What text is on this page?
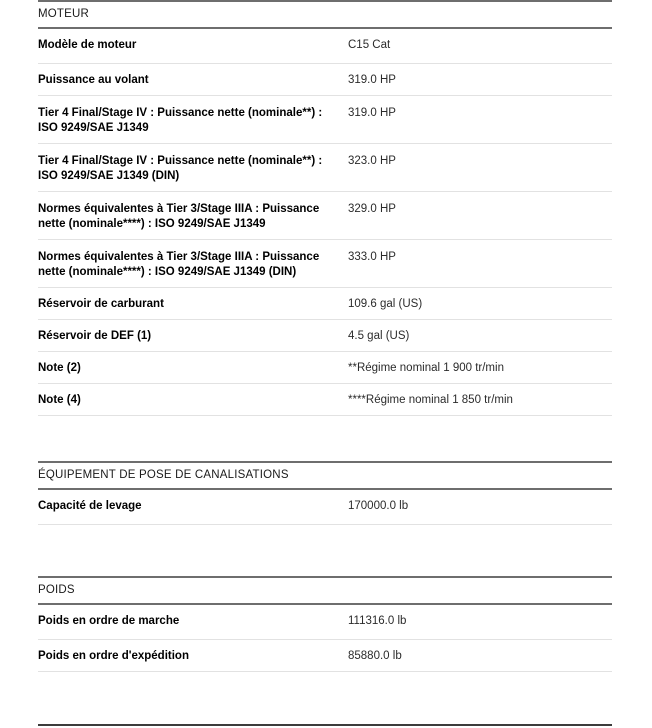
MOTEUR
Modèle de moteur	C15 Cat
Puissance au volant	319.0 HP
Tier 4 Final/Stage IV : Puissance nette (nominale**) : ISO 9249/SAE J1349	319.0 HP
Tier 4 Final/Stage IV : Puissance nette (nominale**) : ISO 9249/SAE J1349 (DIN)	323.0 HP
Normes équivalentes à Tier 3/Stage IIIA : Puissance nette (nominale****) : ISO 9249/SAE J1349	329.0 HP
Normes équivalentes à Tier 3/Stage IIIA : Puissance nette (nominale****) : ISO 9249/SAE J1349 (DIN)	333.0 HP
Réservoir de carburant	109.6 gal (US)
Réservoir de DEF (1)	4.5 gal (US)
Note (2)	**Régime nominal 1 900 tr/min
Note (4)	****Régime nominal 1 850 tr/min
ÉQUIPEMENT DE POSE DE CANALISATIONS
Capacité de levage	170000.0 lb
POIDS
Poids en ordre de marche	111316.0 lb
Poids en ordre d'expédition	85880.0 lb
